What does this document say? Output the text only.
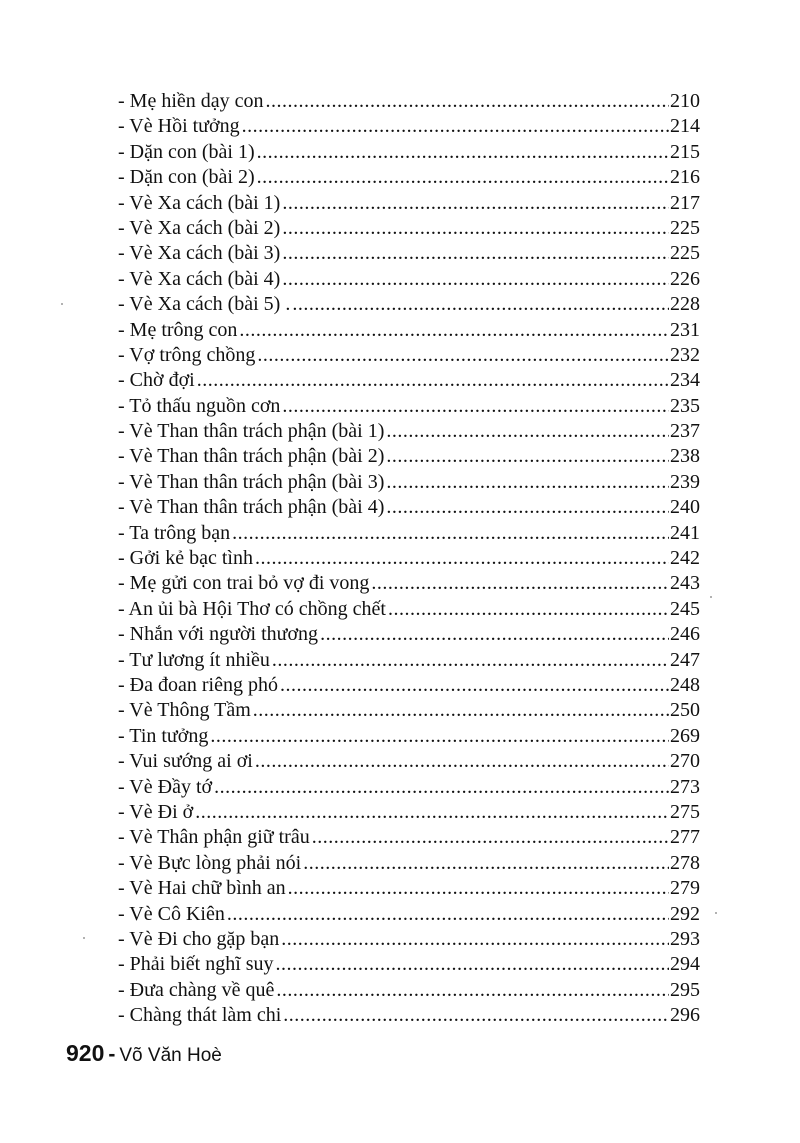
- Mẹ hiền dạy con .....	210
- Vè Hồi tưởng .....	214
- Dặn con (bài 1) .....	215
- Dặn con (bài 2) .....	216
- Vè Xa cách (bài 1) .....	217
- Vè Xa cách (bài 2) .....	225
- Vè Xa cách (bài 3) .....	225
- Vè Xa cách (bài 4) .....	226
- Vè Xa cách (bài 5) . .....	228
- Mẹ trông con .....	231
- Vợ trông chồng .....	232
- Chờ đợi .....	234
- Tỏ thấu nguồn cơn .....	235
- Vè Than thân trách phận (bài 1) .....	237
- Vè Than thân trách phận (bài 2) .....	238
- Vè Than thân trách phận (bài 3) .....	239
- Vè Than thân trách phận (bài 4) .....	240
- Ta trông bạn .....	241
- Gởi kẻ bạc tình .....	242
- Mẹ gửi con trai bỏ vợ đi vong .....	243
- An ủi bà Hội Thơ có chồng chết .....	245
- Nhắn với người thương .....	246
- Tư lương ít nhiều .....	247
- Đa đoan riêng phó .....	248
- Vè Thông Tầm .....	250
- Tin tưởng .....	269
- Vui sướng ai ơi .....	270
- Vè Đầy tớ .....	273
- Vè Đi ở .....	275
- Vè Thân phận giữ trâu .....	277
- Vè Bực lòng phải nói .....	278
- Vè Hai chữ bình an .....	279
- Vè Cô Kiên .....	292
- Vè Đi cho gặp bạn .....	293
- Phải biết nghĩ suy .....	294
- Đưa chàng về quê .....	295
- Chàng thát làm chi .....	296
920 - Võ Văn Hoè
